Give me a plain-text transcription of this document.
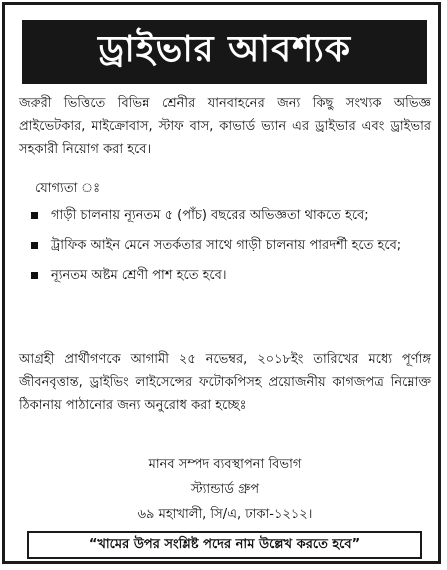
ড্রাইভার আবশ্যক
জরুরী ভিত্তিতে বিভিন্ন শ্রেনীর যানবাহনের জন্য কিছু সংখ্যক অভিজ্ঞ প্রাইভেটকার, মাইক্রোবাস, স্টাফ বাস, কাভার্ড ভ্যান এর ড্রাইভার এবং ড্রাইভার সহকারী নিয়োগ করা হবে।
যোগ্যতা ঃ
গাড়ী চালনায় ন্যূনতম ৫ (পাঁচ) বছরের অভিজ্ঞতা থাকতে হবে;
ট্রাফিক আইন মেনে সতর্কতার সাথে গাড়ী চালনায় পারদর্শী হতে হবে;
ন্যূনতম অষ্টম শ্রেণী পাশ হতে হবে।
আগ্রহী প্রার্থীগণকে আগামী ২৫ নভেম্বর, ২০১৮ইং তারিখের মধ্যে পূর্ণাঙ্গ জীবনবৃত্তান্ত, ড্রাইভিং লাইসেন্সের ফটোকপিসহ প্রয়োজনীয় কাগজপত্র নিম্নোক্ত ঠিকানায় পাঠানোর জন্য অনুরোধ করা হচ্ছেঃ
মানব সম্পদ ব্যবস্থাপনা বিভাগ
স্ট্যান্ডার্ড গ্রুপ
৬৯ মহাখালী, সি/এ, ঢাকা-১২১২।
“খামের উপর সংশ্লিষ্ট পদের নাম উল্লেখ করতে হবে”
